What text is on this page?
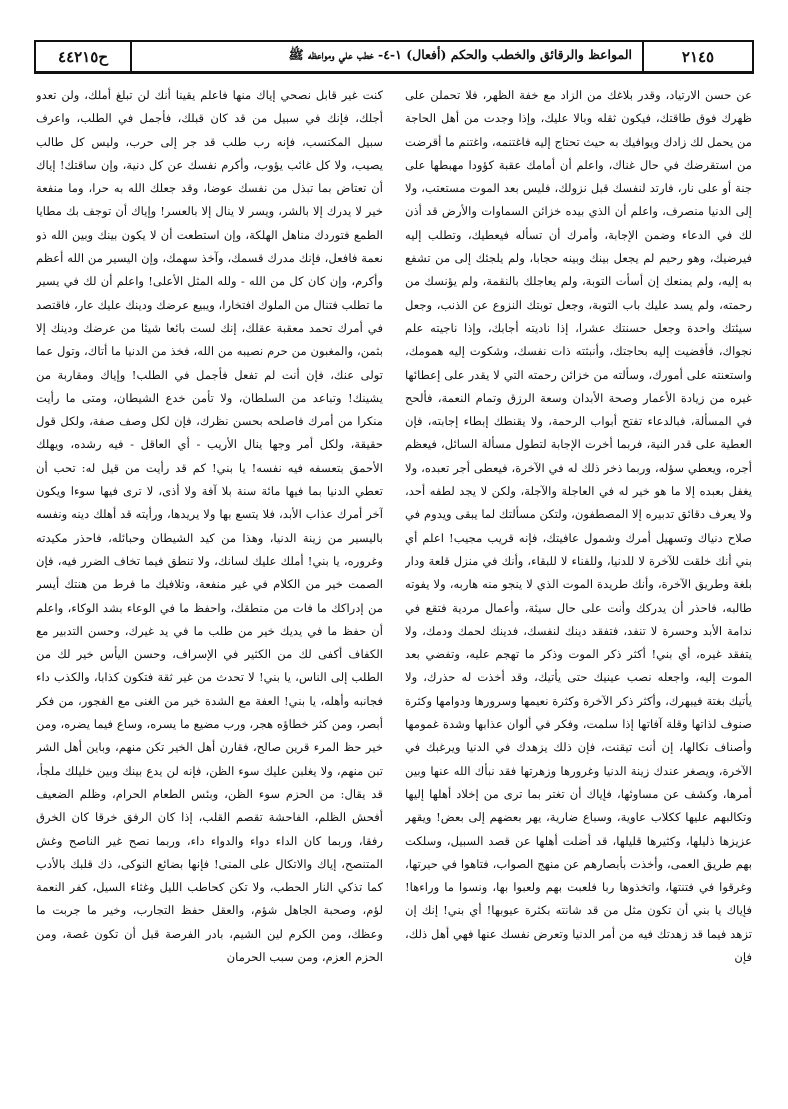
٢١٤٥
المواعظ والرقائق والخطب والحكم (أفعال) ١-٤- خطب علي ومواعظه ﷺ
ح٤٤٢١٥

عن حسن الارتياد، وقدر بلاغك من الزاد مع خفة الظهر، فلا تحملن على ظهرك فوق طاقتك، فيكون ثقله وبالا عليك، وإذا وجدت من أهل الحاجة من يحمل لك زادك ويوافيك به حيث تحتاج إليه فاغتنمه، واغتنم ما أقرضت من استقرضك في حال غناك، واعلم أن أمامك عقبة كؤودا مهبطها على جنة أو على نار، فارتد لنفسك قبل نزولك، فليس بعد الموت مستعتب، ولا إلى الدنيا منصرف، واعلم أن الذي بيده خزائن السماوات والأرض قد أذن لك في الدعاء وضمن الإجابة، وأمرك أن تسأله فيعطيك، وتطلب إليه فيرضيك، وهو رحيم لم يجعل بينك وبينه حجابا، ولم يلجئك إلى من تشفع به إليه، ولم يمنعك إن أسأت التوبة، ولم يعاجلك بالنقمة، ولم يؤنسك من رحمته، ولم يسد عليك باب التوبة، وجعل توبتك النزوع عن الذنب، وجعل سيئتك واحدة وجعل حسنتك عشرا، إذا ناديته أجابك، وإذا ناجيته علم نجواك، فأفضيت إليه بحاجتك، وأنبثته ذات نفسك، وشكوت إليه همومك، واستعنته على أمورك، وسألته من خزائن رحمته التي لا يقدر على إعطائها غيره من زيادة الأعمار وصحة الأبدان وسعة الرزق وتمام النعمة، فألحح في المسألة، فبالدعاء تفتح أبواب الرحمة، ولا يقنطك إبطاء إجابته، فإن العطية على قدر النية، فربما أخرت الإجابة لتطول مسألة السائل، فيعظم أجره، ويعطي سؤله، وربما ذخر ذلك له في الآخرة، فيعطى أجر تعبده، ولا يغفل بعبده إلا ما هو خير له في العاجلة والآجلة، ولكن لا يجد لطفه أحد، ولا يعرف دقائق تدبيره إلا المصطفون، ولتكن مسألتك لما يبقى ويدوم في صلاح دنياك وتسهيل أمرك وشمول عافيتك، فإنه قريب مجيب! اعلم أي بني أنك خلقت للآخرة لا للدنيا، وللفناء لا للبقاء، وأنك في منزل قلعة ودار بلغة وطريق الآخرة، وأنك طريدة الموت الذي لا ينجو منه هاربه، ولا يفوته طالبه، فاحذر أن يدركك وأنت على حال سيئة، وأعمال مردية فتقع في ندامة الأبد وحسرة لا تنفد، فتفقد دينك لنفسك، فدينك لحمك ودمك، ولا يتفقد غيره، أي بني! أكثر ذكر الموت وذكر ما تهجم عليه، وتفضي بعد الموت إليه، واجعله نصب عينيك حتى يأتيك، وقد أخذت له حذرك، ولا يأتيك بغتة فيبهرك، وأكثر ذكر الآخرة وكثرة نعيمها وسرورها ودوامها وكثرة صنوف لذاتها وقلة آفاتها إذا سلمت، وفكر في ألوان عذابها وشدة غمومها وأصناف نكالها، إن أنت تيقنت، فإن ذلك يزهدك في الدنيا ويرغبك في الآخرة، ويصغر عندك زينة الدنيا وغرورها وزهرتها فقد نبأك الله عنها وبين أمرها، وكشف عن مساوئها، فإياك أن تغتر بما ترى من إخلاد أهلها إليها وتكالبهم عليها ككلاب عاوية، وسباع ضارية، يهر بعضهم إلى بعض! ويقهر عزيزها ذليلها، وكثيرها قليلها، قد أضلت أهلها عن قصد السبيل، وسلكت بهم طريق العمى، وأخذت بأبصارهم عن منهج الصواب، فتاهوا في حيرتها، وغرقوا في فتنتها، واتخذوها ربا فلعبت بهم ولعبوا بها، ونسوا ما وراءها! فإياك يا بني أن تكون مثل من قد شانته بكثرة عيوبها! أي بني! إنك إن تزهد فيما قد زهدتك فيه من أمر الدنيا وتعرض نفسك عنها فهي أهل ذلك، فإن

كنت غير قابل نصحي إياك منها فاعلم يقينا أنك لن تبلغ أملك، ولن تعدو أجلك، فإنك في سبيل من قد كان قبلك، فأجمل في الطلب، واعرف سبيل المكتسب، فإنه رب طلب قد جر إلى حرب، وليس كل طالب يصيب، ولا كل غائب يؤوب، وأكرم نفسك عن كل دنية، وإن ساقتك! إياك أن تعتاض بما تبذل من نفسك عوضا، وقد جعلك الله به حرا، وما منفعة خير لا يدرك إلا بالشر، ويسر لا ينال إلا بالعسر! وإياك أن توجف بك مطايا الطمع فتوردك مناهل الهلكة، وإن استطعت أن لا يكون بينك وبين الله ذو نعمة فافعل، فإنك مدرك قسمك، وآخذ سهمك، وإن اليسير من الله أعظم وأكرم، وإن كان كل من الله - ولله المثل الأعلى! واعلم أن لك في يسير ما تطلب فتنال من الملوك افتخارا، ويبيع عرضك ودينك عليك عار، فاقتصد في أمرك تحمد معقبة عقلك، إنك لست بائعا شيئا من عرضك ودينك إلا بثمن، والمغبون من حرم نصيبه من الله، فخذ من الدنيا ما أتاك، وتول عما تولى عنك، فإن أنت لم تفعل فأجمل في الطلب! وإياك ومقاربة من يشينك! وتباعد من السلطان، ولا تأمن خدع الشيطان، ومتى ما رأيت منكرا من أمرك فاصلحه بحسن نظرك، فإن لكل وصف صفة، ولكل قول حقيقة، ولكل أمر وجها ينال الأريب - أي العاقل - فيه رشده، ويهلك الأحمق بتعسفه فيه نفسه! يا بني! كم قد رأيت من قيل له: تحب أن تعطي الدنيا بما فيها مائة سنة بلا آفة ولا أذى، لا ترى فيها سوءا ويكون آخر أمرك عذاب الأبد، فلا يتسع بها ولا يريدها، ورأيته قد أهلك دينه ونفسه باليسير من زينة الدنيا، وهذا من كيد الشيطان وحبائله، فاحذر مكيدته وغروره، يا بني! أملك عليك لسانك، ولا تنطق فيما تخاف الضرر فيه، فإن الصمت خير من الكلام في غير منفعة، وتلافيك ما فرط من هنتك أيسر من إدراكك ما فات من منطقك، واحفظ ما في الوعاء بشد الوكاء، واعلم أن حفظ ما في يديك خير من طلب ما في يد غيرك، وحسن التدبير مع الكفاف أكفى لك من الكثير في الإسراف، وحسن اليأس خير لك من الطلب إلى الناس، يا بني! لا تحدث من غير ثقة فتكون كذابا، والكذب داء فجانبه وأهله، يا بني! العفة مع الشدة خير من الغنى مع الفجور، من فكر أبصر، ومن كثر خطاؤه هجر، ورب مضيع ما يسره، وساع فيما يضره، ومن خير حظ المرء قرين صالح، فقارن أهل الخير تكن منهم، وباين أهل الشر تبن منهم، ولا يغلبن عليك سوء الظن، فإنه لن يدع بينك وبين خليلك ملجأ، قد يقال: من الحزم سوء الظن، وبئس الطعام الحرام، وظلم الضعيف أفحش الظلم، الفاحشة تقصم القلب، إذا كان الرفق خرقا كان الخرق رفقا، وربما كان الداء دواء والدواء داء، وربما نصح غير الناصح وغش المتنصح، إياك والاتكال على المنى! فإنها بضائع النوكى، ذك قلبك بالأدب كما تذكي النار الحطب، ولا تكن كحاطب الليل وغثاء السيل، كفر النعمة لؤم، وصحبة الجاهل شؤم، والعقل حفظ التجارب، وخير ما جربت ما وعظك، ومن الكرم لين الشيم، بادر الفرصة قبل أن تكون غصة، ومن الحزم العزم، ومن سبب الحرمان
